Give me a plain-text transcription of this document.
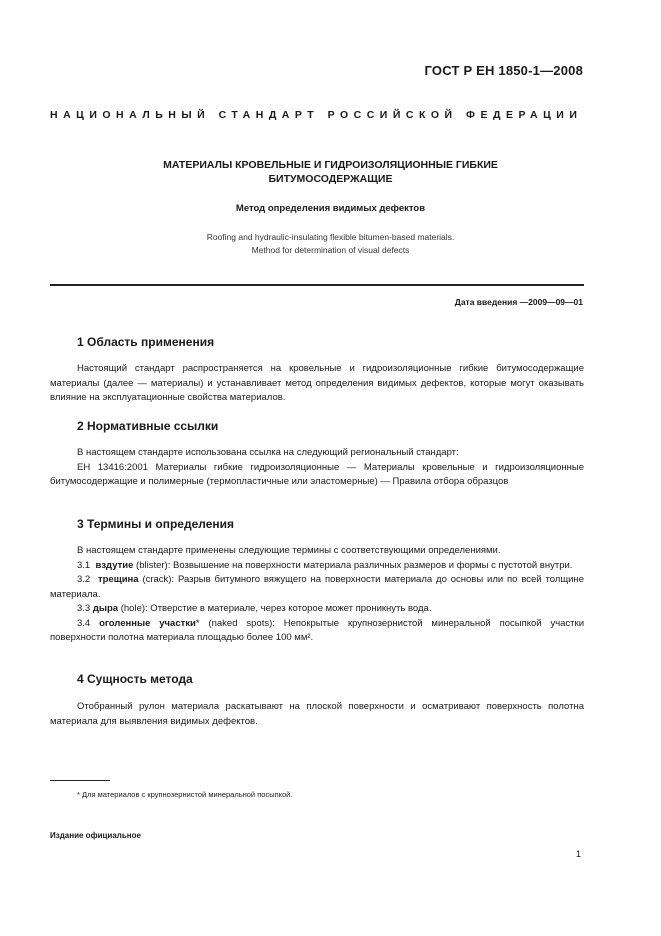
ГОСТ Р ЕН 1850-1—2008
НАЦИОНАЛЬНЫЙ СТАНДАРТ РОССИЙСКОЙ ФЕДЕРАЦИИ
МАТЕРИАЛЫ КРОВЕЛЬНЫЕ И ГИДРОИЗОЛЯЦИОННЫЕ ГИБКИЕ
БИТУМОСОДЕРЖАЩИЕ
Метод определения видимых дефектов
Roofing and hydraulic-insulating flexible bitumen-based materials.
Method for determination of visual defects
Дата введения —2009—09—01
1 Область применения

Настоящий стандарт распространяется на кровельные и гидроизоляционные гибкие битумосодержащие материалы (далее — материалы) и устанавливает метод определения видимых дефектов, которые могут оказывать влияние на эксплуатационные свойства материалов.

2 Нормативные ссылки

В настоящем стандарте использована ссылка на следующий региональный стандарт:

ЕН 13416:2001 Материалы гибкие гидроизоляционные — Материалы кровельные и гидроизоляционные битумосодержащие и полимерные (термопластичные или эластомерные) — Правила отбора образцов

3 Термины и определения

В настоящем стандарте применены следующие термины с соответствующими определениями.

3.1 вздутие (blister): Возвышение на поверхности материала различных размеров и формы с пустотой внутри.

3.2 трещина (crack): Разрыв битумного вяжущего на поверхности материала до основы или по всей толщине материала.

3.3 дыра (hole): Отверстие в материале, через которое может проникнуть вода.

3.4 оголенные участки* (naked spots): Непокрытые крупнозернистой минеральной посыпкой участки поверхности полотна материала площадью более 100 мм².

4 Сущность метода

Отобранный рулон материала раскатывают на плоской поверхности и осматривают поверхность полотна материала для выявления видимых дефектов.

* Для материалов с крупнозернистой минеральной посыпкой.
Издание официальное
1
